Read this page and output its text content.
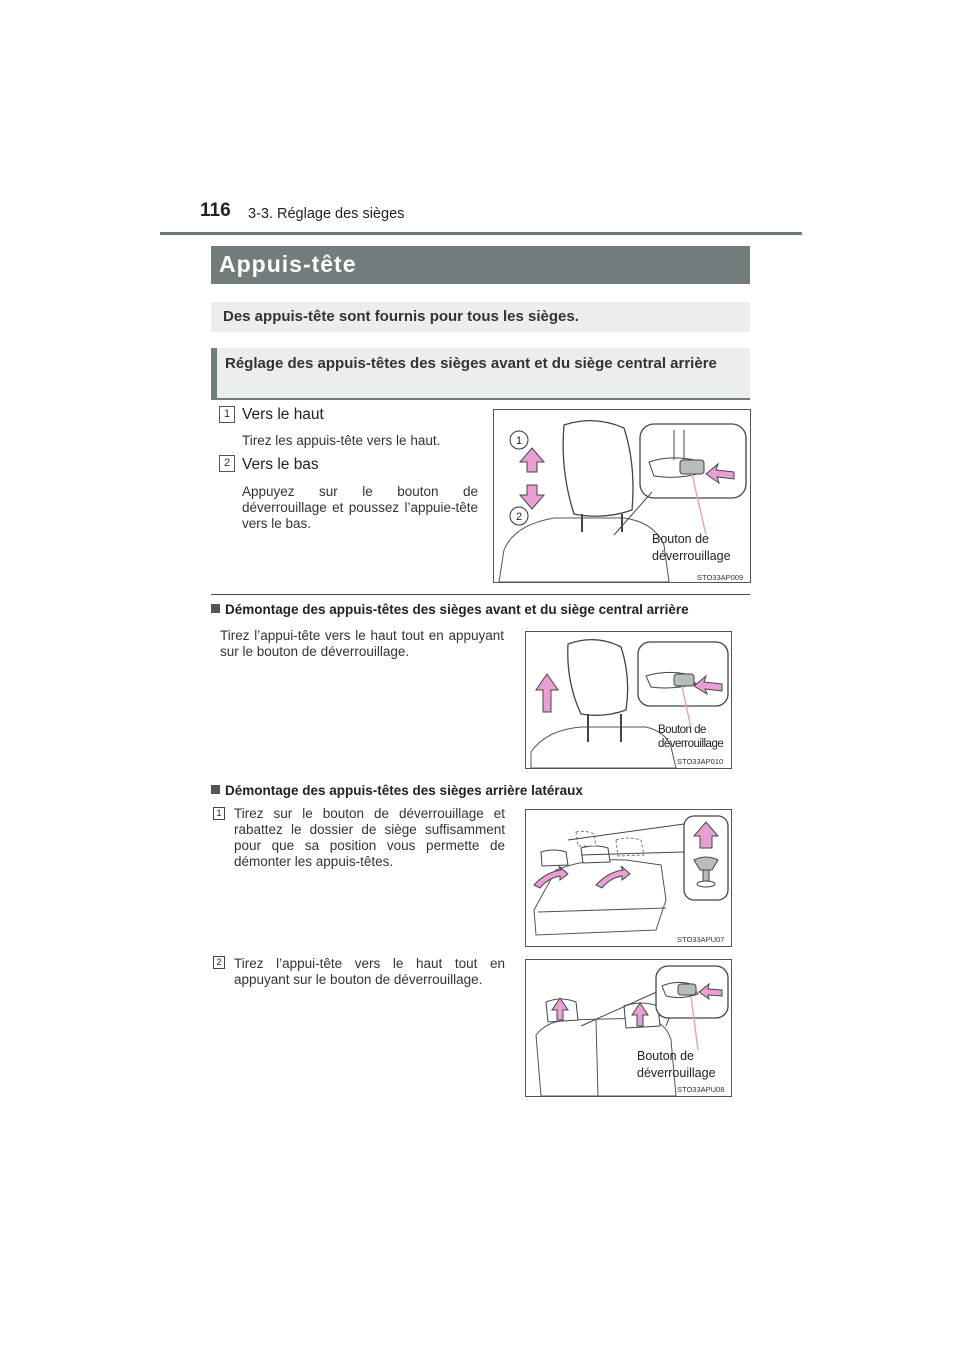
116 3-3. Réglage des sièges
Appuis-tête
Des appuis-tête sont fournis pour tous les sièges.
Réglage des appuis-têtes des sièges avant et du siège central arrière
1 Vers le haut
Tirez les appuis-tête vers le haut.
2 Vers le bas
Appuyez sur le bouton de déverrouillage et poussez l’appuie-tête vers le bas.
1
2
Bouton de
déverrouillage
STO33AP009
Démontage des appuis-têtes des sièges avant et du siège central arrière
Tirez l’appui-tête vers le haut tout en appuyant sur le bouton de déverrouillage.
Bouton de
déverrouillage
STO33AP010
Démontage des appuis-têtes des sièges arrière latéraux
1 Tirez sur le bouton de déverrouillage et rabattez le dossier de siège suffisamment pour que sa position vous permette de démonter les appuis-têtes.
STO33APU07
2 Tirez l’appui-tête vers le haut tout en appuyant sur le bouton de déverrouillage.
Bouton de
déverrouillage
STO33APU08
